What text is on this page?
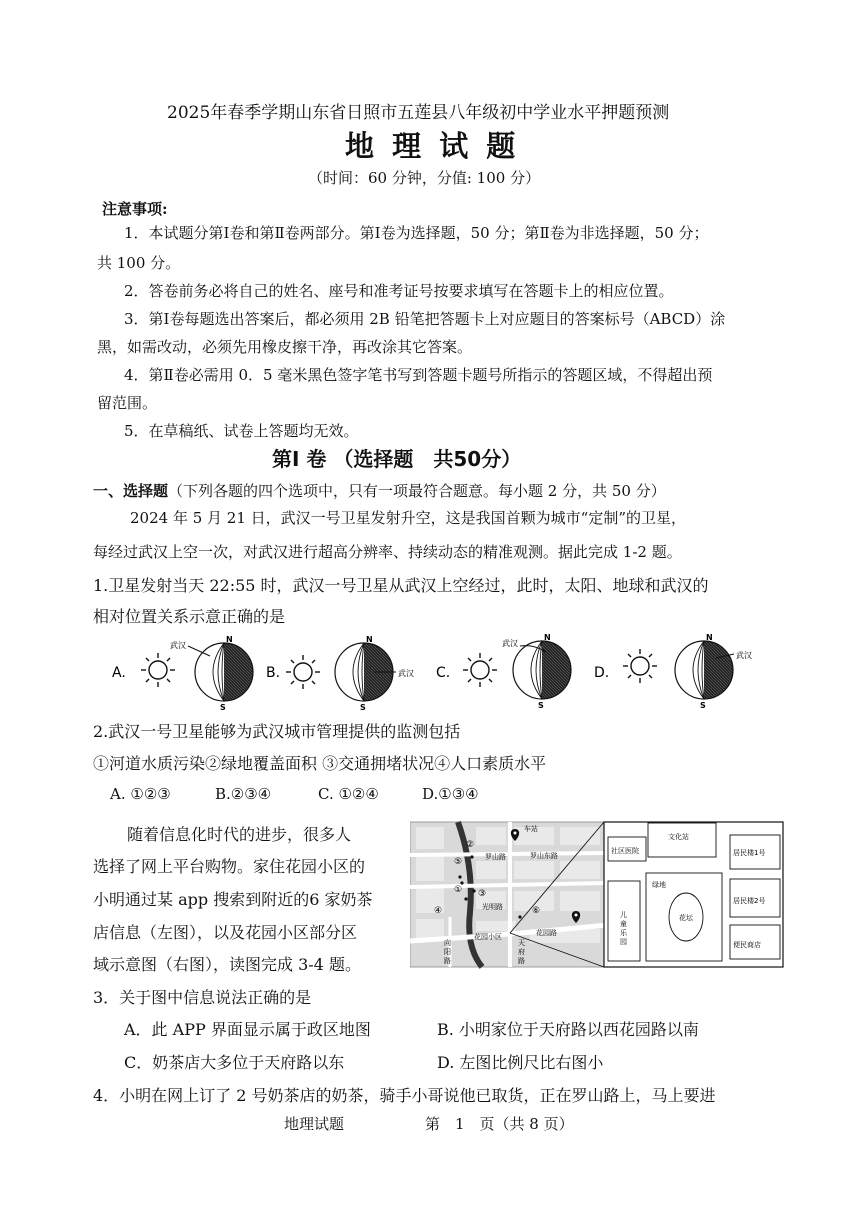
2025年春季学期山东省日照市五莲县八年级初中学业水平押题预测
地 理 试 题
（时间：60 分钟，分值: 100 分）
注意事项:
1．本试题分第Ⅰ卷和第Ⅱ卷两部分。第Ⅰ卷为选择题，50 分；第Ⅱ卷为非选择题，50 分；
共 100 分。
2．答卷前务必将自己的姓名、座号和准考证号按要求填写在答题卡上的相应位置。
3．第Ⅰ卷每题选出答案后，都必须用 2B 铅笔把答题卡上对应题目的答案标号（ABCD）涂
黑，如需改动，必须先用橡皮擦干净，再改涂其它答案。
4．第Ⅱ卷必需用 0．5 毫米黑色签字笔书写到答题卡题号所指示的答题区域，不得超出预
留范围。
5．在草稿纸、试卷上答题均无效。
第Ⅰ 卷 （选择题　共50分）
一、选择题（下列各题的四个选项中，只有一项最符合题意。每小题 2 分，共 50 分）
2024 年 5 月 21 日，武汉一号卫星发射升空，这是我国首颗为城市“定制”的卫星，
每经过武汉上空一次，对武汉进行超高分辨率、持续动态的精准观测。据此完成 1-2 题。
1.卫星发射当天 22:55 时，武汉一号卫星从武汉上空经过，此时，太阳、地球和武汉的
相对位置关系示意正确的是
A.
N
S
武汉
B.
N
S
武汉 C.
N
S
武汉
D.
N
S
武汉
2.武汉一号卫星能够为武汉城市管理提供的监测包括
①河道水质污染②绿地覆盖面积 ③交通拥堵状况④人口素质水平
A. ①②③	B.②③④	C. ①②④	D.①③④
随着信息化时代的进步，很多人
选择了网上平台购物。家住花园小区的
小明通过某 app 搜索到附近的6 家奶茶
店信息（左图），以及花园小区部分区
域示意图（右图），读图完成 3-4 题。
车站
罗山路	罗山东路
光明路
花园路
花园小区
向
阳
路
天
府
路
①
②
③
④
⑤
⑥
社区医院
文化站
居民楼1号
居民楼2号
便民商店
绿地
花坛
儿
童
乐
园
3．关于图中信息说法正确的是
A．此 APP 界面显示属于政区地图	B. 小明家位于天府路以西花园路以南
C．奶茶店大多位于天府路以东	D. 左图比例尺比右图小
4．小明在网上订了 2 号奶茶店的奶茶，骑手小哥说他已取货，正在罗山路上，马上要进
地理试题	第　1　页（共 8 页）
